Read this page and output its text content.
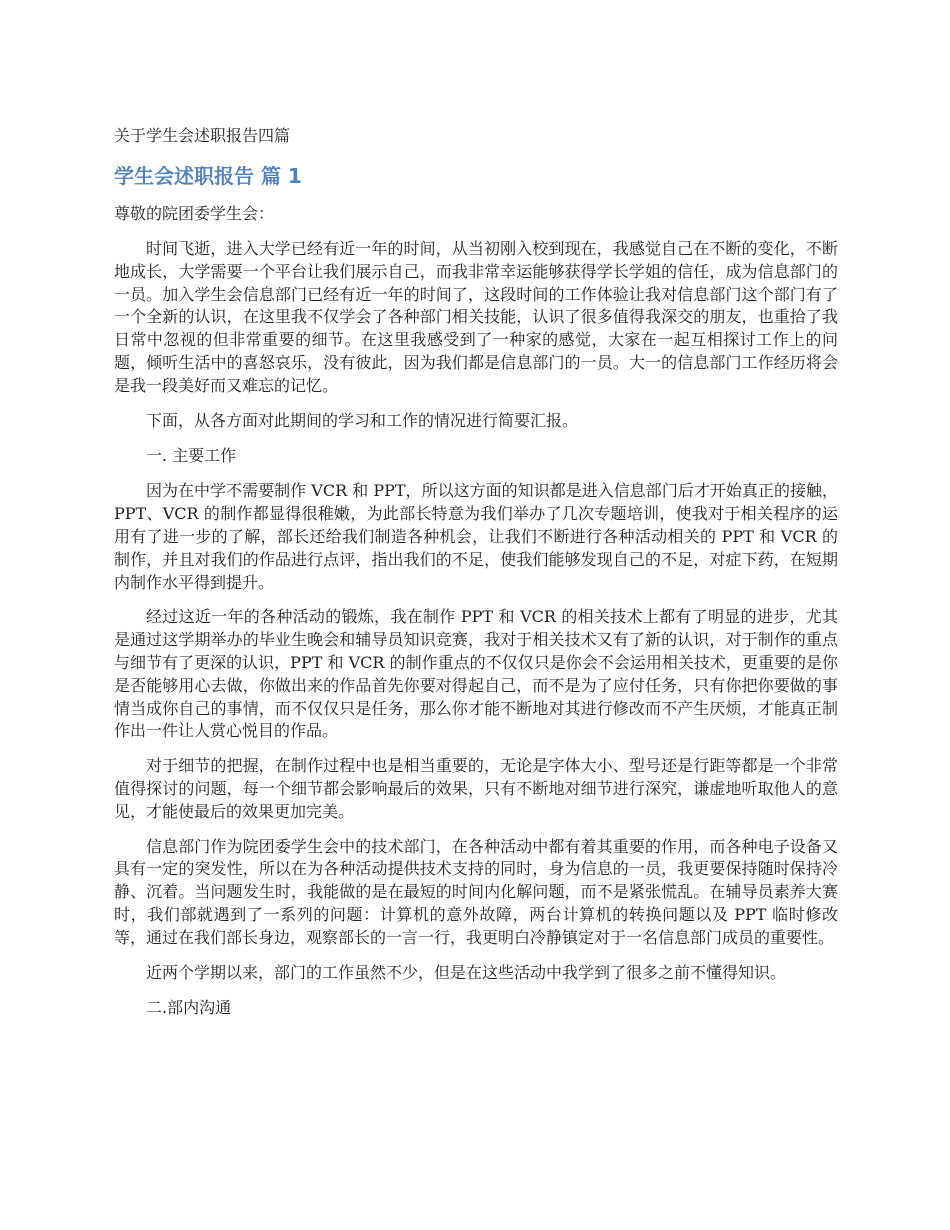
关于学生会述职报告四篇
学生会述职报告 篇 1
尊敬的院团委学生会：

时间飞逝，进入大学已经有近一年的时间，从当初刚入校到现在，我感觉自己在不断的变化，不断地成长，大学需要一个平台让我们展示自己，而我非常幸运能够获得学长学姐的信任，成为信息部门的一员。加入学生会信息部门已经有近一年的时间了，这段时间的工作体验让我对信息部门这个部门有了一个全新的认识，在这里我不仅学会了各种部门相关技能，认识了很多值得我深交的朋友，也重拾了我日常中忽视的但非常重要的细节。在这里我感受到了一种家的感觉，大家在一起互相探讨工作上的问题，倾听生活中的喜怒哀乐，没有彼此，因为我们都是信息部门的一员。大一的信息部门工作经历将会是我一段美好而又难忘的记忆。

下面，从各方面对此期间的学习和工作的情况进行简要汇报。

一. 主要工作

因为在中学不需要制作 VCR 和 PPT，所以这方面的知识都是进入信息部门后才开始真正的接触，PPT、VCR 的制作都显得很稚嫩，为此部长特意为我们举办了几次专题培训，使我对于相关程序的运用有了进一步的了解，部长还给我们制造各种机会，让我们不断进行各种活动相关的 PPT 和 VCR 的制作，并且对我们的作品进行点评，指出我们的不足，使我们能够发现自己的不足，对症下药，在短期内制作水平得到提升。

经过这近一年的各种活动的锻炼，我在制作 PPT 和 VCR 的相关技术上都有了明显的进步，尤其是通过这学期举办的毕业生晚会和辅导员知识竞赛，我对于相关技术又有了新的认识，对于制作的重点与细节有了更深的认识，PPT 和 VCR 的制作重点的不仅仅只是你会不会运用相关技术，更重要的是你是否能够用心去做，你做出来的作品首先你要对得起自己，而不是为了应付任务，只有你把你要做的事情当成你自己的事情，而不仅仅只是任务，那么你才能不断地对其进行修改而不产生厌烦，才能真正制作出一件让人赏心悦目的作品。

对于细节的把握，在制作过程中也是相当重要的，无论是字体大小、型号还是行距等都是一个非常值得探讨的问题，每一个细节都会影响最后的效果，只有不断地对细节进行深究，谦虚地听取他人的意见，才能使最后的效果更加完美。

信息部门作为院团委学生会中的技术部门，在各种活动中都有着其重要的作用，而各种电子设备又具有一定的突发性，所以在为各种活动提供技术支持的同时，身为信息的一员，我更要保持随时保持冷静、沉着。当问题发生时，我能做的是在最短的时间内化解问题，而不是紧张慌乱。在辅导员素养大赛时，我们部就遇到了一系列的问题：计算机的意外故障，两台计算机的转换问题以及 PPT 临时修改等，通过在我们部长身边，观察部长的一言一行，我更明白冷静镇定对于一名信息部门成员的重要性。

近两个学期以来，部门的工作虽然不少，但是在这些活动中我学到了很多之前不懂得知识。

二.部内沟通
